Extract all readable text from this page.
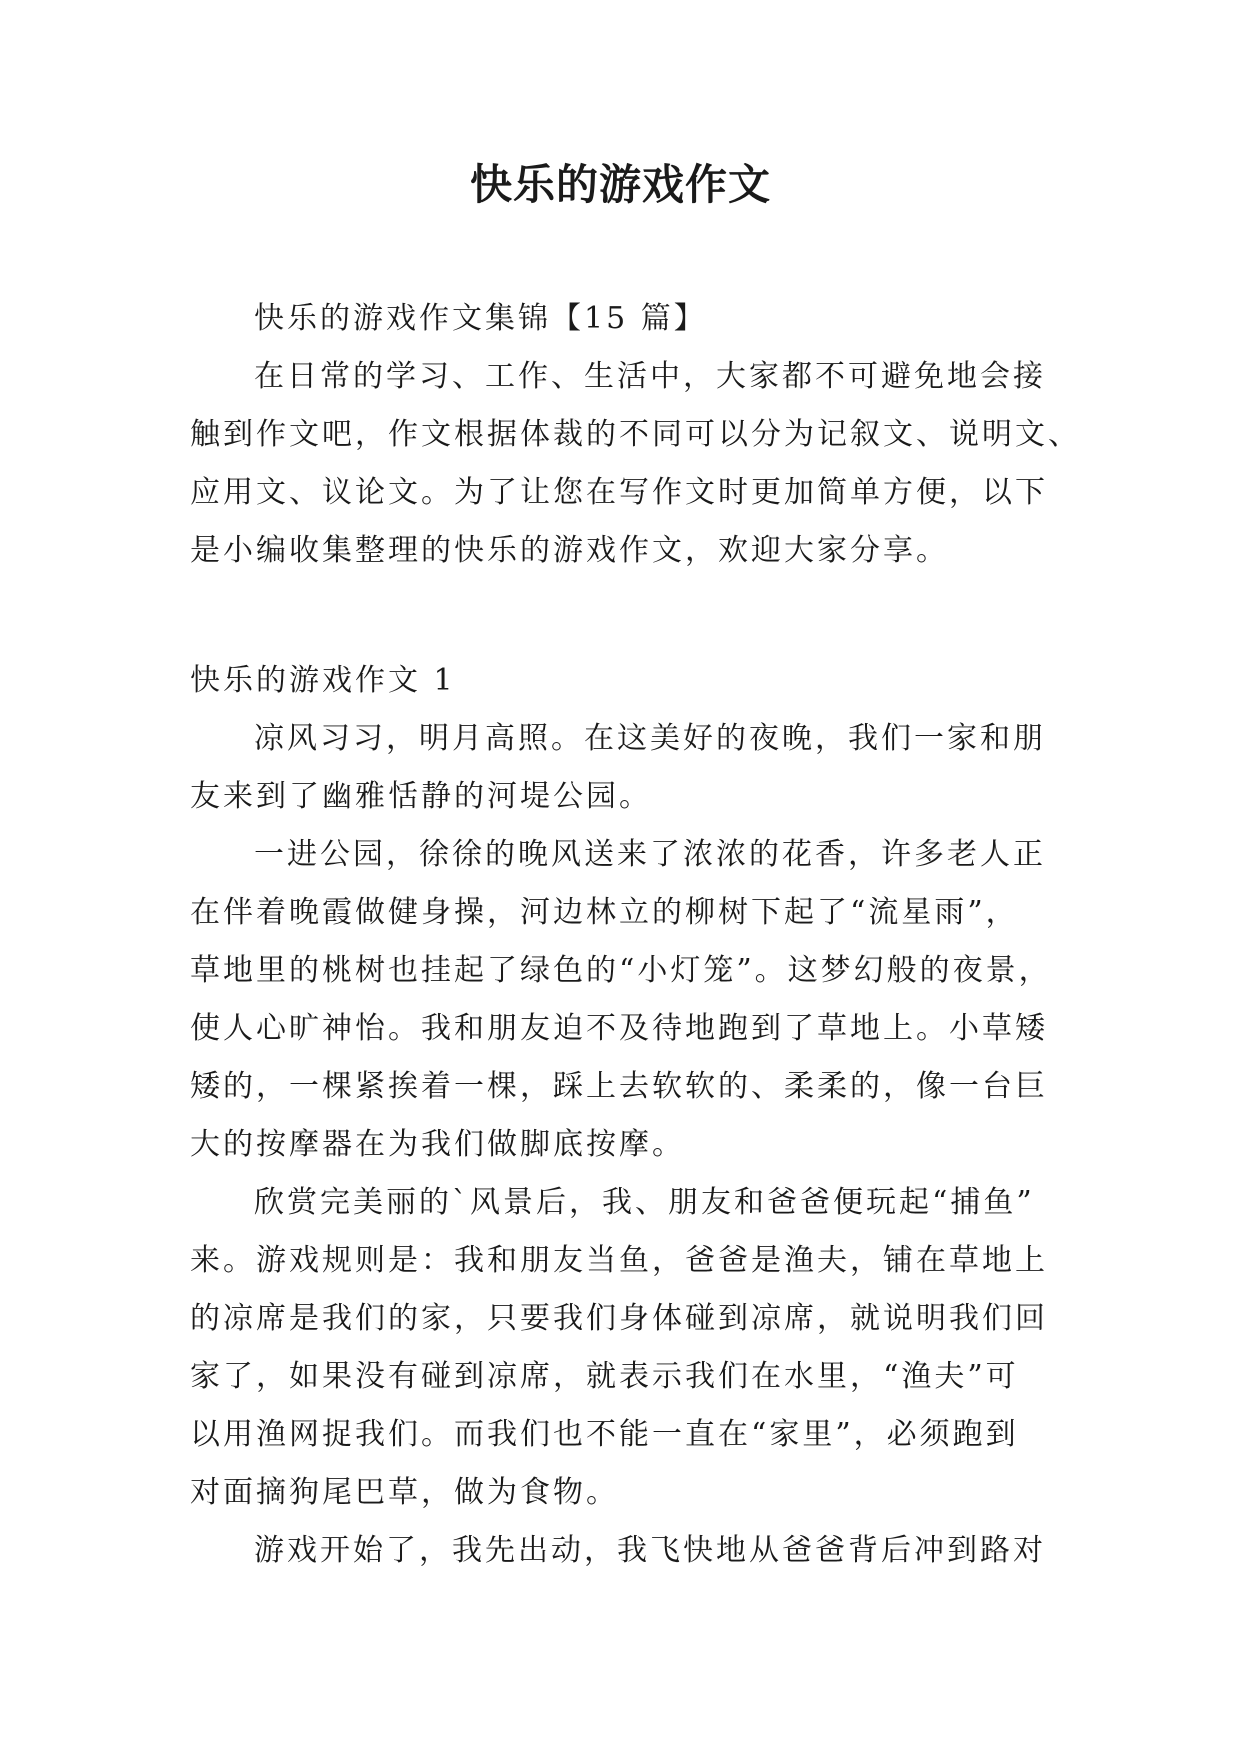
快乐的游戏作文
快乐的游戏作文集锦【15 篇】
在日常的学习、工作、生活中，大家都不可避免地会接
触到作文吧，作文根据体裁的不同可以分为记叙文、说明文、
应用文、议论文。为了让您在写作文时更加简单方便，以下
是小编收集整理的快乐的游戏作文，欢迎大家分享。
快乐的游戏作文 1
凉风习习，明月高照。在这美好的夜晚，我们一家和朋
友来到了幽雅恬静的河堤公园。
一进公园，徐徐的晚风送来了浓浓的花香，许多老人正
在伴着晚霞做健身操，河边林立的柳树下起了“流星雨”，
草地里的桃树也挂起了绿色的“小灯笼”。这梦幻般的夜景，
使人心旷神怡。我和朋友迫不及待地跑到了草地上。小草矮
矮的，一棵紧挨着一棵，踩上去软软的、柔柔的，像一台巨
大的按摩器在为我们做脚底按摩。
欣赏完美丽的`风景后，我、朋友和爸爸便玩起“捕鱼”
来。游戏规则是：我和朋友当鱼，爸爸是渔夫，铺在草地上
的凉席是我们的家，只要我们身体碰到凉席，就说明我们回
家了，如果没有碰到凉席，就表示我们在水里，“渔夫”可
以用渔网捉我们。而我们也不能一直在“家里”，必须跑到
对面摘狗尾巴草，做为食物。
游戏开始了，我先出动，我飞快地从爸爸背后冲到路对
